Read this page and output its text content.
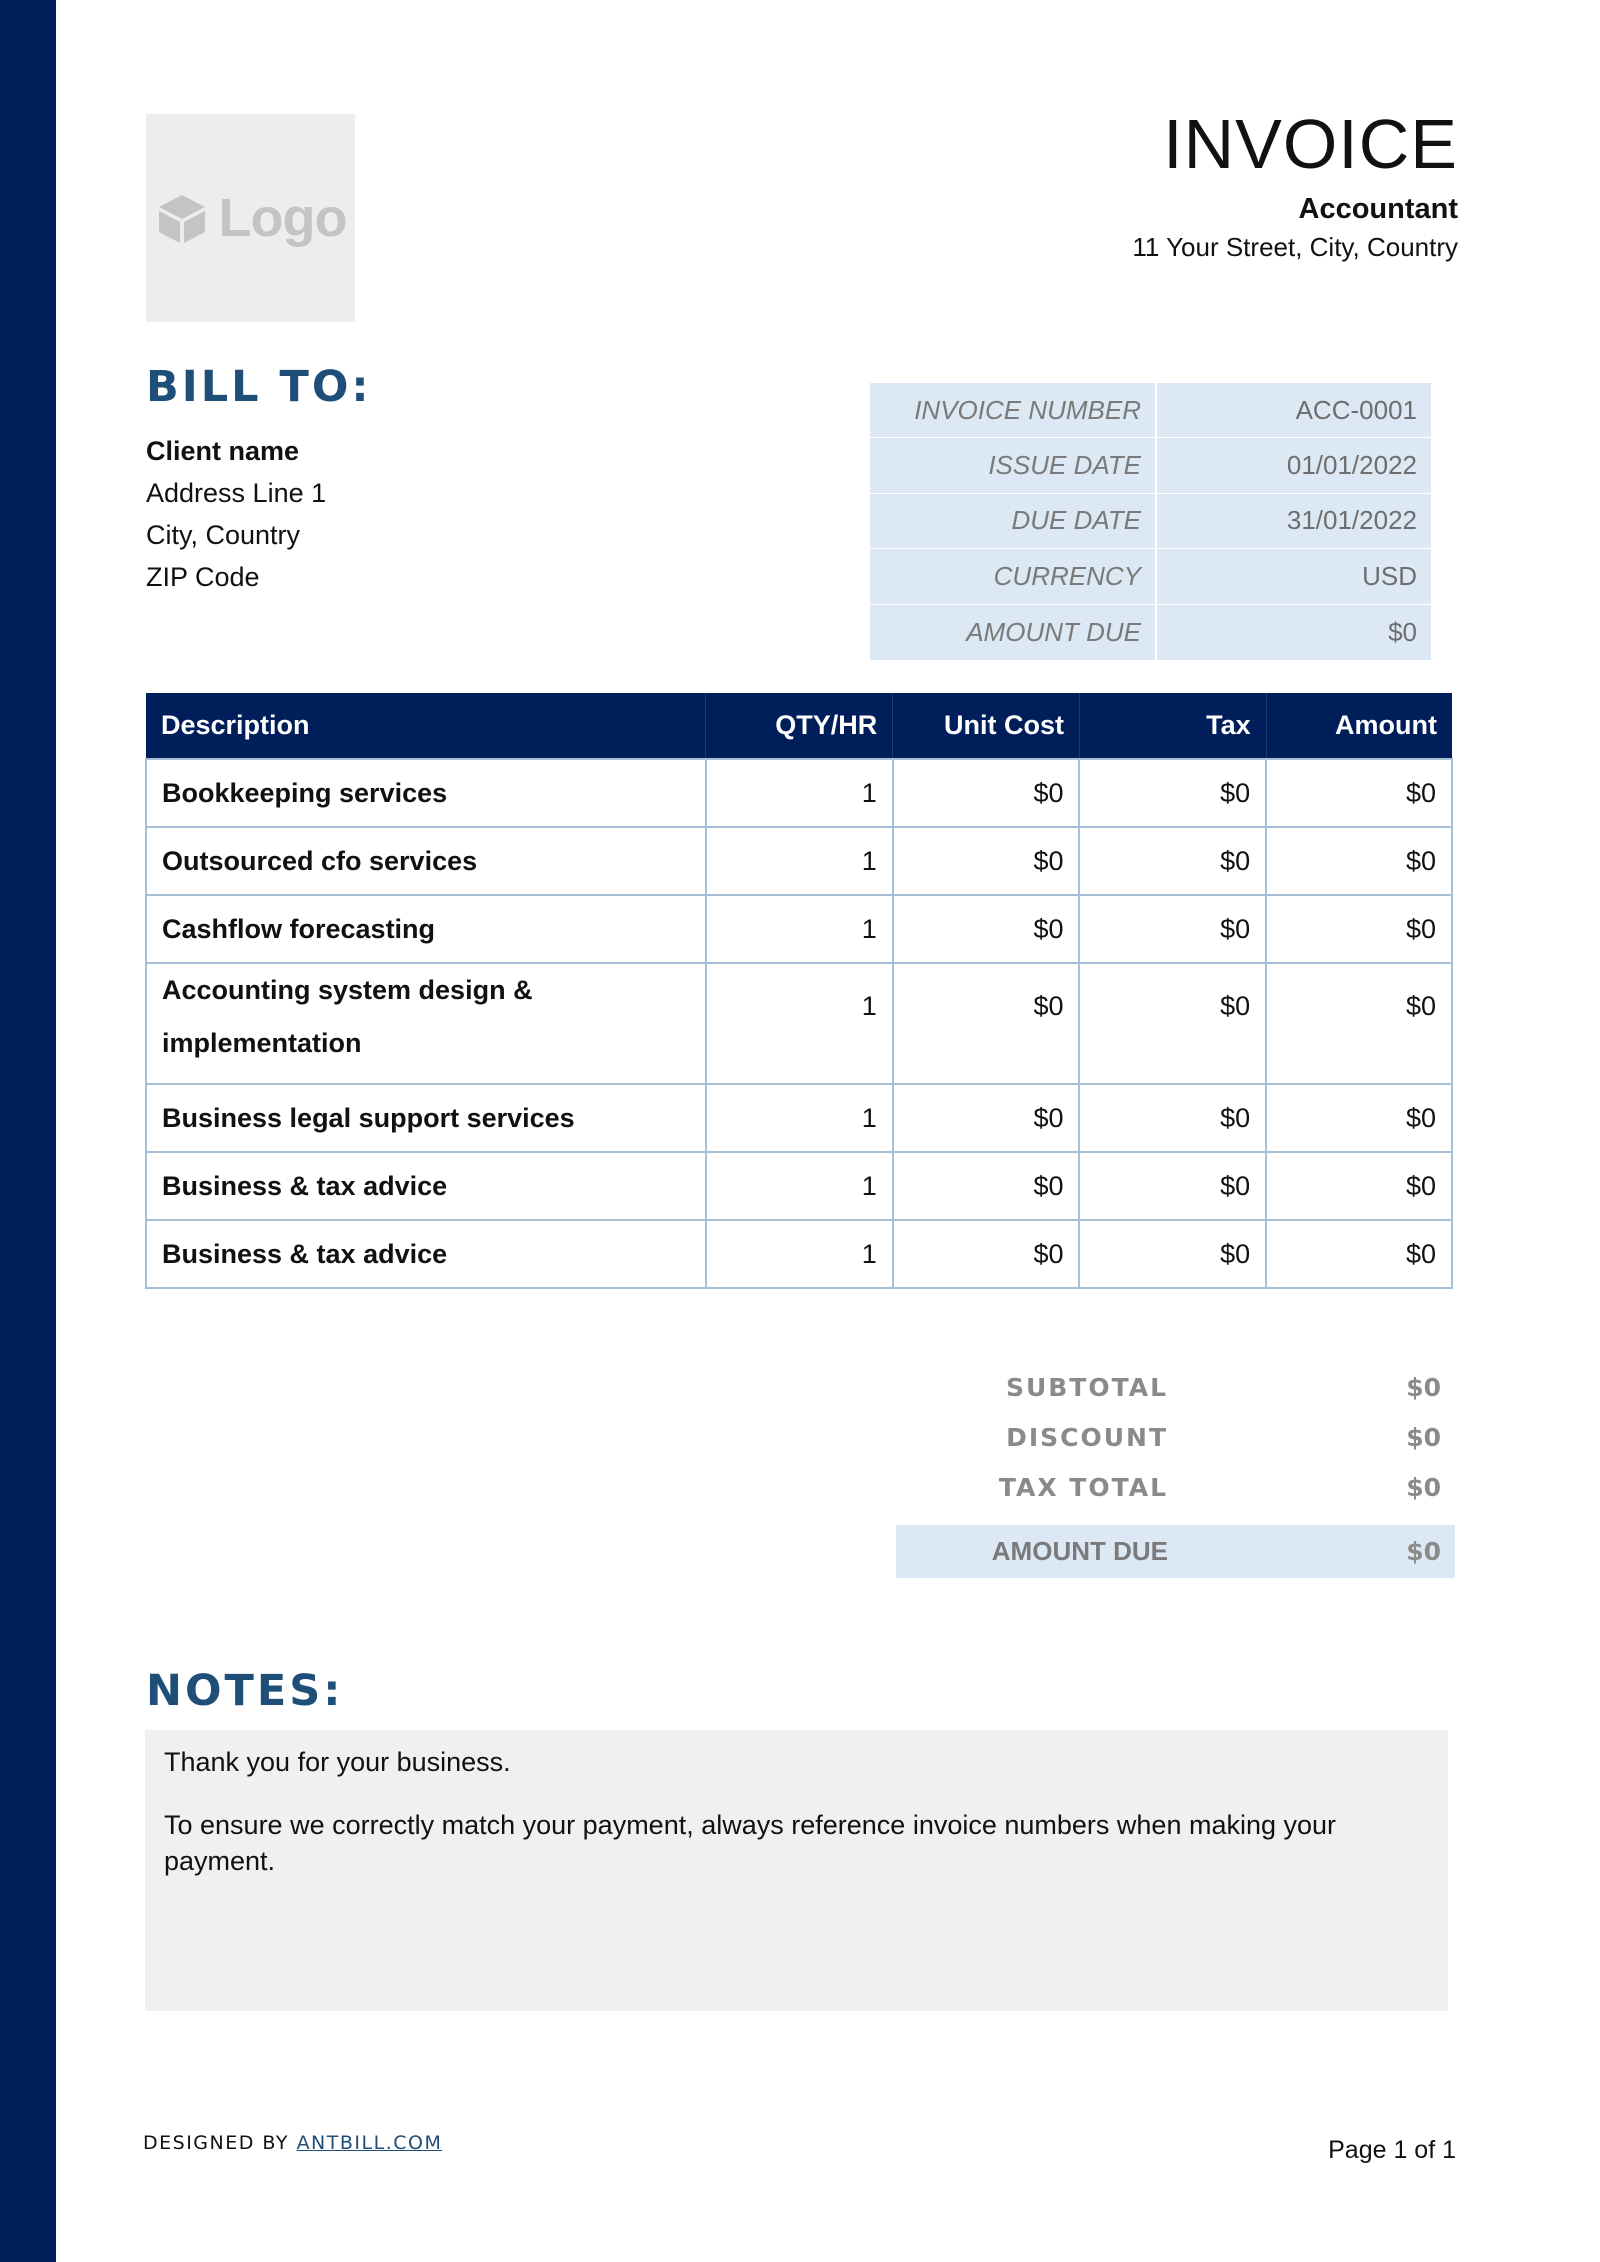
Logo
INVOICE
Accountant
11 Your Street, City, Country
BILL TO:
Client name
Address Line 1
City, Country
ZIP Code
INVOICE NUMBER	ACC-0001
ISSUE DATE	01/01/2022
DUE DATE	31/01/2022
CURRENCY	USD
AMOUNT DUE	$0
Description	QTY/HR	Unit Cost	Tax	Amount
Bookkeeping services	1	$0	$0	$0
Outsourced cfo services	1	$0	$0	$0
Cashflow forecasting	1	$0	$0	$0

Accounting system design &
implementation	1	$0	$0	$0
Business legal support services	1	$0	$0	$0
Business & tax advice	1	$0	$0	$0
Business & tax advice	1	$0	$0	$0
SUBTOTAL	$0
DISCOUNT	$0
TAX TOTAL	$0
AMOUNT DUE	$0
NOTES:

Thank you for your business.

To ensure we correctly match your payment, always reference invoice numbers when making your payment.

DESIGNED BY ANTBILL.COM	Page 1 of 1
